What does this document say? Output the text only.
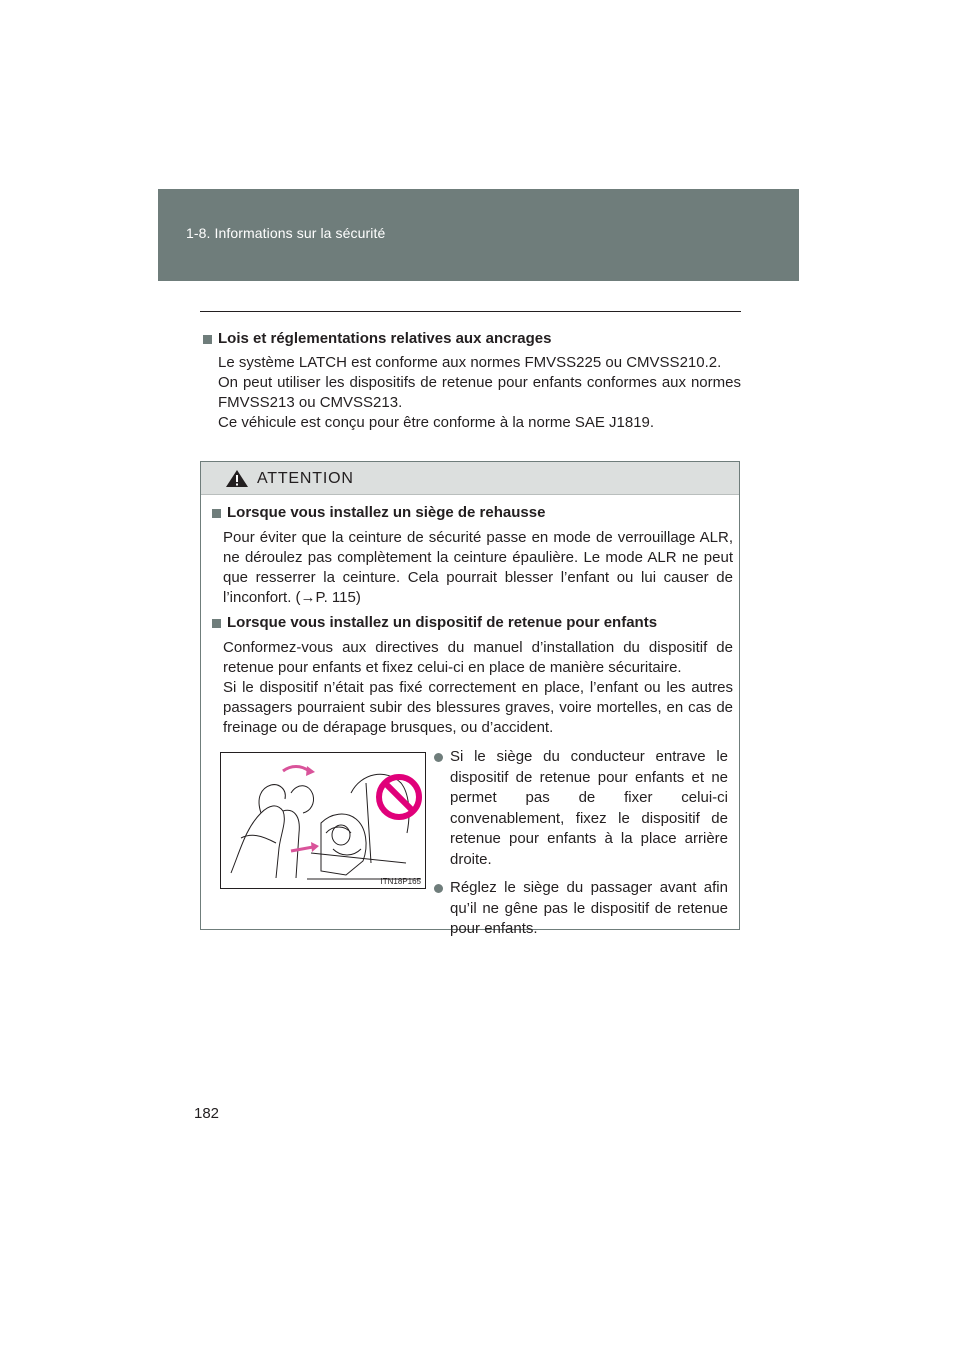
1-8. Informations sur la sécurité
Lois et réglementations relatives aux ancrages

Le système LATCH est conforme aux normes FMVSS225 ou CMVSS210.2.

On peut utiliser les dispositifs de retenue pour enfants conformes aux normes FMVSS213 ou CMVSS213.

Ce véhicule est conçu pour être conforme à la norme SAE J1819.

ATTENTION
Lorsque vous installez un siège de rehausse

Pour éviter que la ceinture de sécurité passe en mode de verrouillage ALR, ne déroulez pas complètement la ceinture épaulière. Le mode ALR ne peut que resserrer la ceinture. Cela pourrait blesser l’enfant ou lui causer de l’inconfort. (→P. 115)

Lorsque vous installez un dispositif de retenue pour enfants

Conformez-vous aux directives du manuel d’installation du dispositif de retenue pour enfants et fixez celui-ci en place de manière sécuritaire.

Si le dispositif n’était pas fixé correctement en place, l’enfant ou les autres passagers pourraient subir des blessures graves, voire mortelles, en cas de freinage ou de dérapage brusques, ou d’accident.

ITN18P165
Si le siège du conducteur entrave le dispositif de retenue pour enfants et ne permet pas de fixer celui-ci convenablement, fixez le dispositif de retenue pour enfants à la place arrière droite.
Réglez le siège du passager avant afin qu’il ne gêne pas le dispositif de retenue pour enfants.
182
